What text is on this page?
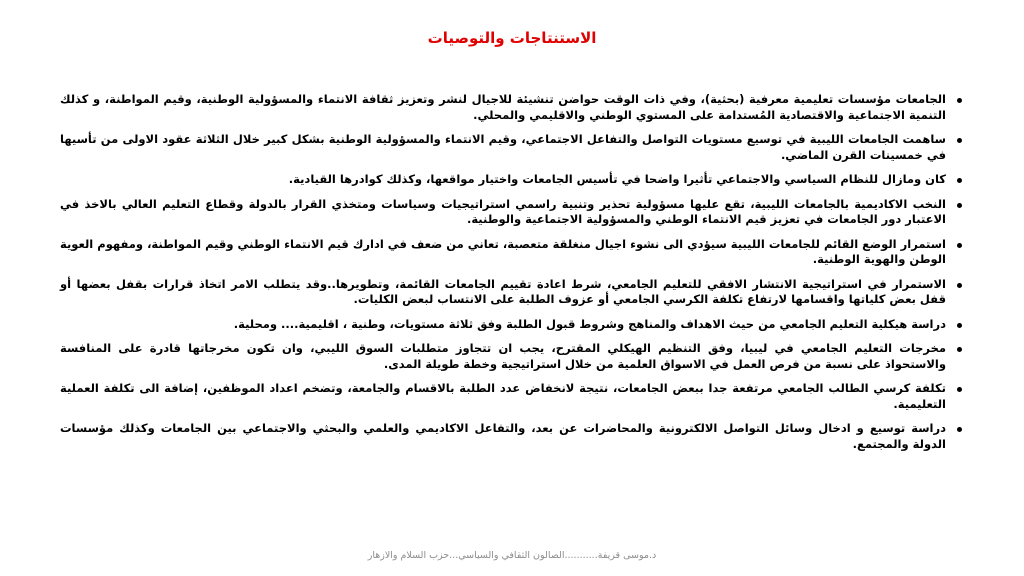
الاستنتاجات والتوصيات
الجامعات مؤسسات تعليمية معرفية (بحثية)، وفي ذات الوقت حواضن تنشيئة للاجيال لنشر وتعزيز ثقافة الانتماء والمسؤولية الوطنية، وقيم المواطنة، و كذلك التنمية الاجتماعية والاقتصادية المُستدامة على المستوي الوطني والاقليمي والمحلي.
ساهمت الجامعات الليبية في توسيع مستويات التواصل والتفاعل الاجتماعي، وقيم الانتماء والمسؤولية الوطنية بشكل كبير خلال الثلاثة عقود الاولى من تأسيها في خمسينات القرن الماضي.
كان ومازال للنظام السياسي والاجتماعي تأثيرا واضحا في تأسيس الجامعات واختيار مواقعها، وكذلك كوادرها القيادية.
النخب الاكاديمية بالجامعات الليبية، تقع عليها مسؤولية تحذير وتنبية راسمي استراتيجيات وسياسات ومتخذي القرار بالدولة وقطاع التعليم العالي بالاخذ في الاعتبار دور الجامعات في تعزيز قيم الانتماء الوطني والمسؤولية الاجتماعية والوطنية.
استمرار الوضع القائم للجامعات الليبية سيؤدي الى نشوء اجيال منغلقة متعصبة، تعاني من ضعف في ادارك قيم الانتماء الوطني وقيم المواطنة، ومفهوم العوية الوطن والهوية الوطنية.
الاستمرار في استراتيجية الانتشار الافقي للتعليم الجامعي، شرط اعادة تقييم الجامعات القائمة، وتطويرها..وقد يتطلب الامر اتخاذ قرارات بقفل بعضها أو قفل بعض كلياتها واقسامها لارتفاع تكلفة الكرسي الجامعي أو عزوف الطلبة على الانتساب لبعض الكليات.
دراسة هيكلية التعليم الجامعي من حيث الاهداف والمناهج وشروط قبول الطلبة وفق ثلاثة مستويات، وطنية ، اقليمية.... ومحلية.
مخرجات التعليم الجامعي في ليبيا، وفق التنظيم الهيكلي المقترح، يجب ان تتجاوز متطلبات السوق الليبي، وان تكون مخرجاتها قادرة على المنافسة والاستحواذ على نسبة من فرص العمل في الاسواق العلمية من خلال استراتيجية وخطة طويلة المدى.
تكلفة كرسي الطالب الجامعي مرتفعة جدا ببعض الجامعات، نتيجة لانخفاض عدد الطلبة بالاقسام والجامعة، وتضخم اعداد الموظفين، إضافة الى تكلفة العملية التعليمية.
دراسة توسيع و ادخال وسائل التواصل الالكترونية والمحاضرات عن بعد، والتفاعل الاكاديمي والعلمي والبحثي والاجتماعي بين الجامعات وكذلك مؤسسات الدولة والمجتمع.
د.موسى قريفة...........الصالون الثقافي والسياسي...حزب السلام والازهار
